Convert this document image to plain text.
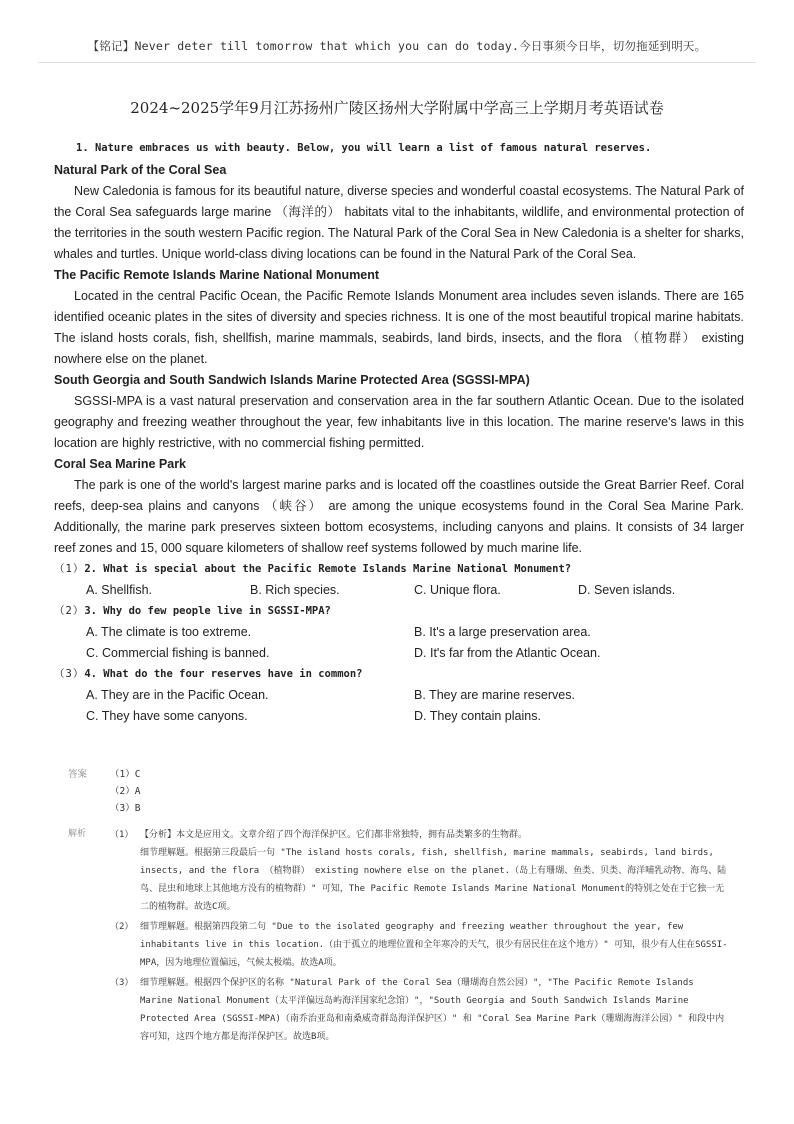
【铭记】Never deter till tomorrow that which you can do today.今日事须今日毕，切勿拖延到明天。
2024~2025学年9月江苏扬州广陵区扬州大学附属中学高三上学期月考英语试卷
1. Nature embraces us with beauty. Below, you will learn a list of famous natural reserves.
Natural Park of the Coral Sea

New Caledonia is famous for its beautiful nature, diverse species and wonderful coastal ecosystems. The Natural Park of the Coral Sea safeguards large marine （海洋的） habitats vital to the inhabitants, wildlife, and environmental protection of the territories in the south western Pacific region. The Natural Park of the Coral Sea in New Caledonia is a shelter for sharks, whales and turtles. Unique world-class diving locations can be found in the Natural Park of the Coral Sea.

The Pacific Remote Islands Marine National Monument

Located in the central Pacific Ocean, the Pacific Remote Islands Monument area includes seven islands. There are 165 identified oceanic plates in the sites of diversity and species richness. It is one of the most beautiful tropical marine habitats. The island hosts corals, fish, shellfish, marine mammals, seabirds, land birds, insects, and the flora （植物群） existing nowhere else on the planet.

South Georgia and South Sandwich Islands Marine Protected Area (SGSSI-MPA)

SGSSI-MPA is a vast natural preservation and conservation area in the far southern Atlantic Ocean. Due to the isolated geography and freezing weather throughout the year, few inhabitants live in this location. The marine reserve's laws in this location are highly restrictive, with no commercial fishing permitted.

Coral Sea Marine Park

The park is one of the world's largest marine parks and is located off the coastlines outside the Great Barrier Reef. Coral reefs, deep-sea plains and canyons （峡谷） are among the unique ecosystems found in the Coral Sea Marine Park. Additionally, the marine park preserves sixteen bottom ecosystems, including canyons and plains. It consists of 34 larger reef zones and 15, 000 square kilometers of shallow reef systems followed by much marine life.

（1）2. What is special about the Pacific Remote Islands Marine National Monument?
A. Shellfish.	B. Rich species.	C. Unique flora.	D. Seven islands.
（2）3. Why do few people live in SGSSI-MPA?
A. The climate is too extreme.	B. It's a large preservation area.
C. Commercial fishing is banned.	D. It's far from the Atlantic Ocean.
（3）4. What do the four reserves have in common?
A. They are in the Pacific Ocean.	B. They are marine reserves.
C. They have some canyons.	D. They contain plains.
答案 （1）C
（2）A
（3）B
解析	（1） 【分析】本文是应用文。文章介绍了四个海洋保护区。它们都非常独特，拥有品类繁多的生物群。

细节理解题。根据第三段最后一句 "The island hosts corals, fish, shellfish, marine mammals, seabirds, land birds, insects, and the flora （植物群） existing nowhere else on the planet.（岛上有珊瑚、鱼类、贝类、海洋哺乳动物、海鸟、陆鸟、昆虫和地球上其他地方没有的植物群）" 可知，The Pacific Remote Islands Marine National Monument的特别之处在于它独一无二的植物群。故选C项。

（2） 细节理解题。根据第四段第二句 "Due to the isolated geography and freezing weather throughout the year, few inhabitants live in this location.（由于孤立的地理位置和全年寒冷的天气，很少有居民住在这个地方）" 可知，很少有人住在SGSSI-MPA，因为地理位置偏远，气候太极端。故选A项。

（3） 细节理解题。根据四个保护区的名称 "Natural Park of the Coral Sea（珊瑚海自然公园）"，"The Pacific Remote Islands Marine National Monument（太平洋偏远岛屿海洋国家纪念馆）"，"South Georgia and South Sandwich Islands Marine Protected Area (SGSSI-MPA)（南乔治亚岛和南桑威奇群岛海洋保护区）" 和 "Coral Sea Marine Park（珊瑚海海洋公园）" 和段中内容可知，这四个地方都是海洋保护区。故选B项。
